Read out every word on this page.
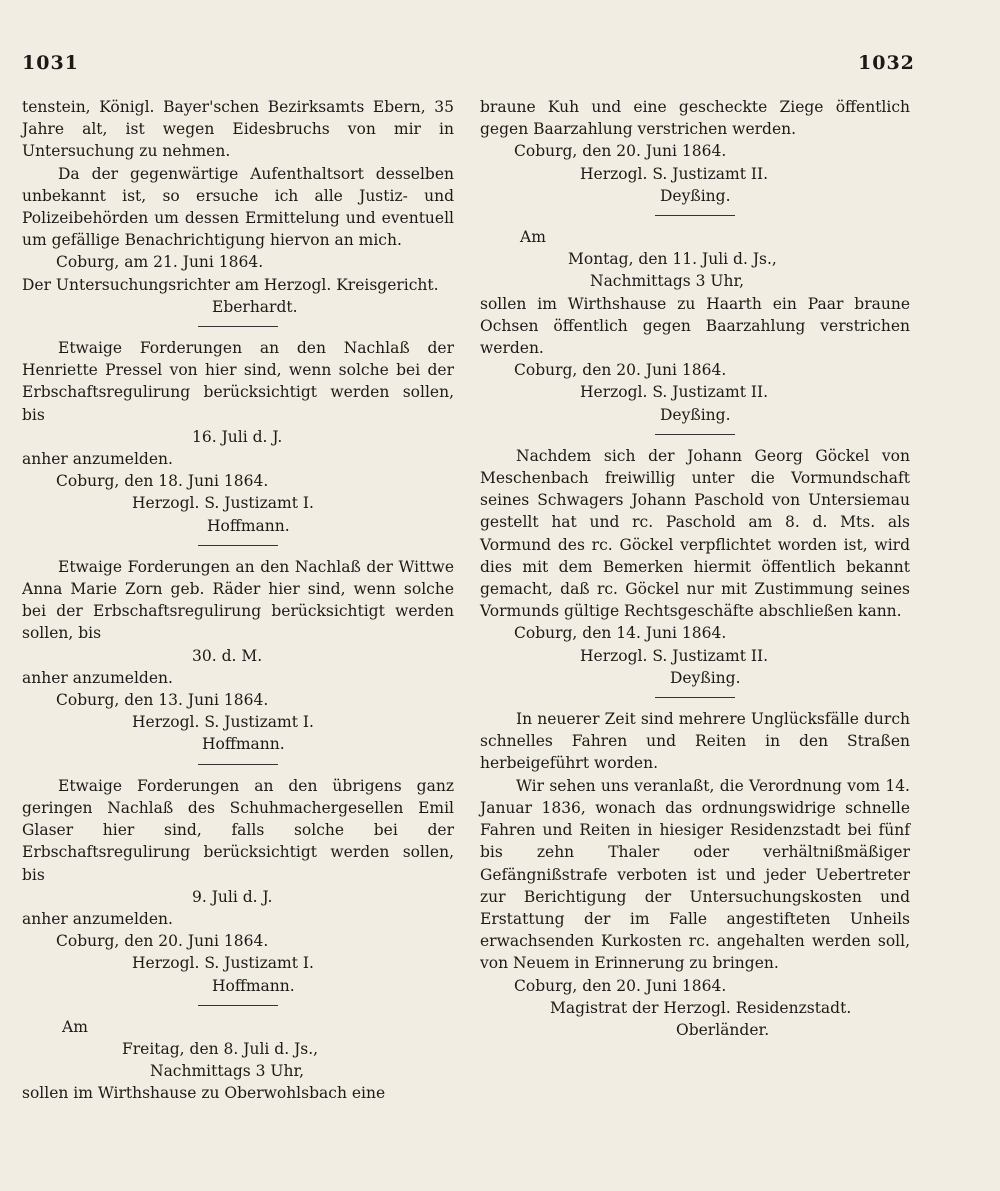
1031	1032

tenstein, Königl. Bayer'schen Bezirksamts Ebern, 35 Jahre alt, ist wegen Eidesbruchs von mir in Untersuchung zu nehmen.

Da der gegenwärtige Aufenthaltsort desselben unbekannt ist, so ersuche ich alle Justiz- und Polizeibehörden um dessen Ermittelung und eventuell um gefällige Benachrichtigung hiervon an mich.

Coburg, am 21. Juni 1864.

Der Untersuchungsrichter am Herzogl. Kreisgericht.

Eberhardt.

Etwaige Forderungen an den Nachlaß der Henriette Pressel von hier sind, wenn solche bei der Erbschaftsregulirung berücksichtigt werden sollen, bis

16. Juli d. J.

anher anzumelden.

Coburg, den 18. Juni 1864.

Herzogl. S. Justizamt I.

Hoffmann.

Etwaige Forderungen an den Nachlaß der Wittwe Anna Marie Zorn geb. Räder hier sind, wenn solche bei der Erbschaftsregulirung berücksichtigt werden sollen, bis

30. d. M.

anher anzumelden.

Coburg, den 13. Juni 1864.

Herzogl. S. Justizamt I.

Hoffmann.

Etwaige Forderungen an den übrigens ganz geringen Nachlaß des Schuhmachergesellen Emil Glaser hier sind, falls solche bei der Erbschaftsregulirung berücksichtigt werden sollen, bis

9. Juli d. J.

anher anzumelden.

Coburg, den 20. Juni 1864.

Herzogl. S. Justizamt I.

Hoffmann.

Am

Freitag, den 8. Juli d. Js.,

Nachmittags 3 Uhr,

sollen im Wirthshause zu Oberwohlsbach eine

braune Kuh und eine gescheckte Ziege öffentlich gegen Baarzahlung verstrichen werden.

Coburg, den 20. Juni 1864.

Herzogl. S. Justizamt II.

Deyßing.

Am

Montag, den 11. Juli d. Js.,

Nachmittags 3 Uhr,

sollen im Wirthshause zu Haarth ein Paar braune Ochsen öffentlich gegen Baarzahlung verstrichen werden.

Coburg, den 20. Juni 1864.

Herzogl. S. Justizamt II.

Deyßing.

Nachdem sich der Johann Georg Göckel von Meschenbach freiwillig unter die Vormundschaft seines Schwagers Johann Paschold von Untersiemau gestellt hat und rc. Paschold am 8. d. Mts. als Vormund des rc. Göckel verpflichtet worden ist, wird dies mit dem Bemerken hiermit öffentlich bekannt gemacht, daß rc. Göckel nur mit Zustimmung seines Vormunds gültige Rechtsgeschäfte abschließen kann.

Coburg, den 14. Juni 1864.

Herzogl. S. Justizamt II.

Deyßing.

In neuerer Zeit sind mehrere Unglücksfälle durch schnelles Fahren und Reiten in den Straßen herbeigeführt worden.

Wir sehen uns veranlaßt, die Verordnung vom 14. Januar 1836, wonach das ordnungswidrige schnelle Fahren und Reiten in hiesiger Residenzstadt bei fünf bis zehn Thaler oder verhältnißmäßiger Gefängnißstrafe verboten ist und jeder Uebertreter zur Berichtigung der Untersuchungskosten und Erstattung der im Falle angestifteten Unheils erwachsenden Kurkosten rc. angehalten werden soll, von Neuem in Erinnerung zu bringen.

Coburg, den 20. Juni 1864.

Magistrat der Herzogl. Residenzstadt.

Oberländer.
